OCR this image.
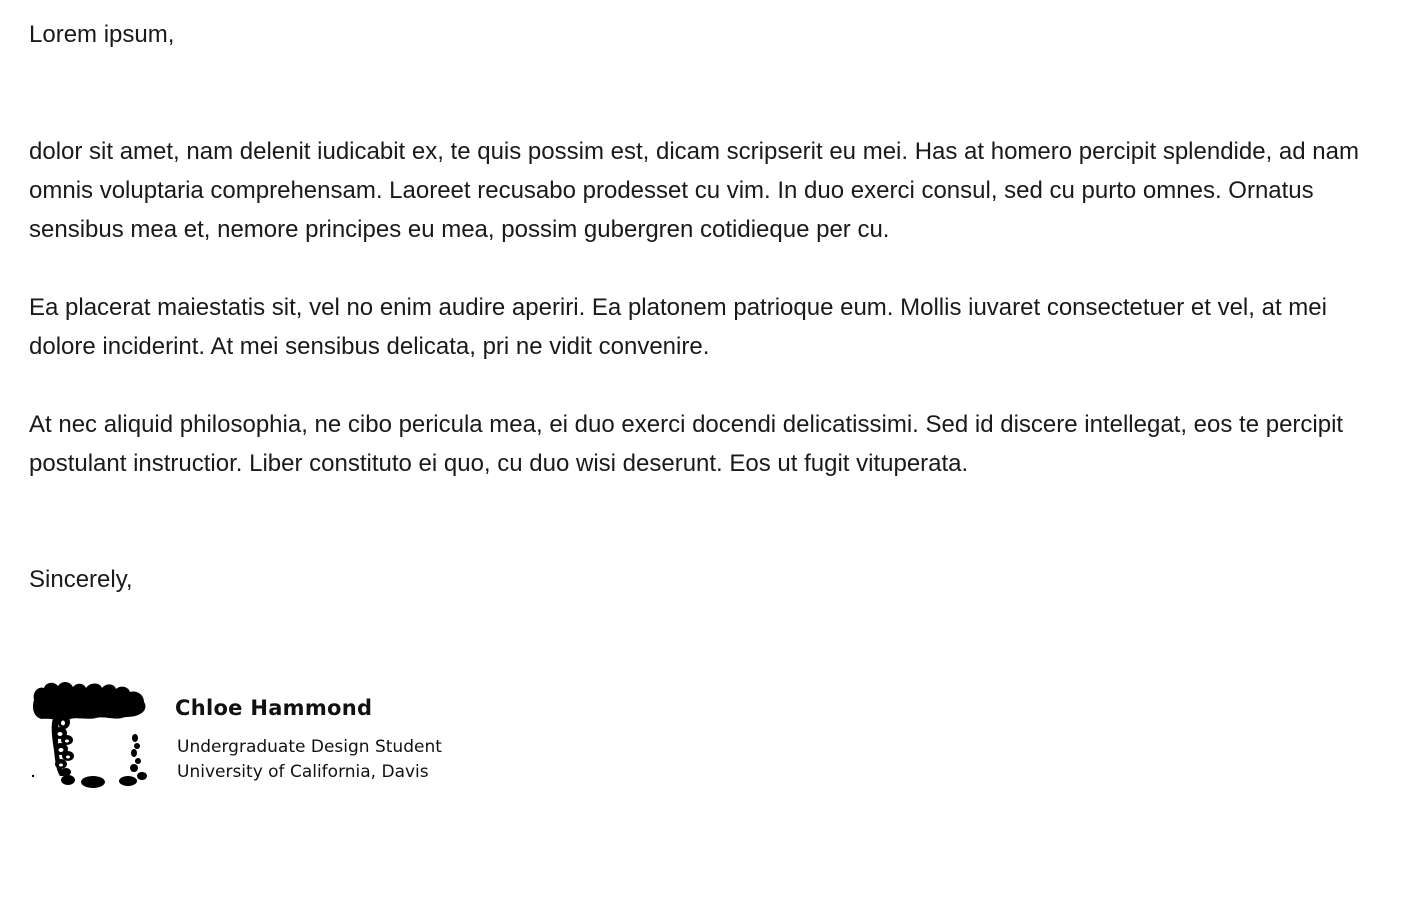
Lorem ipsum,

dolor sit amet, nam delenit iudicabit ex, te quis possim est, dicam scripserit eu mei. Has at homero percipit splendide, ad nam omnis voluptaria comprehensam. Laoreet recusabo prodesset cu vim. In duo exerci consul, sed cu purto omnes. Ornatus sensibus mea et, nemore principes eu mea, possim gubergren cotidieque per cu.

Ea placerat maiestatis sit, vel no enim audire aperiri. Ea platonem patrioque eum. Mollis iuvaret consectetuer et vel, at mei dolore inciderint. At mei sensibus delicata, pri ne vidit convenire.

At nec aliquid philosophia, ne cibo pericula mea, ei duo exerci docendi delicatissimi. Sed id discere intellegat, eos te percipit postulant instructior. Liber constituto ei quo, cu duo wisi deserunt. Eos ut fugit vituperata.

Sincerely,
Chloe Hammond
Undergraduate Design Student
University of California, Davis
